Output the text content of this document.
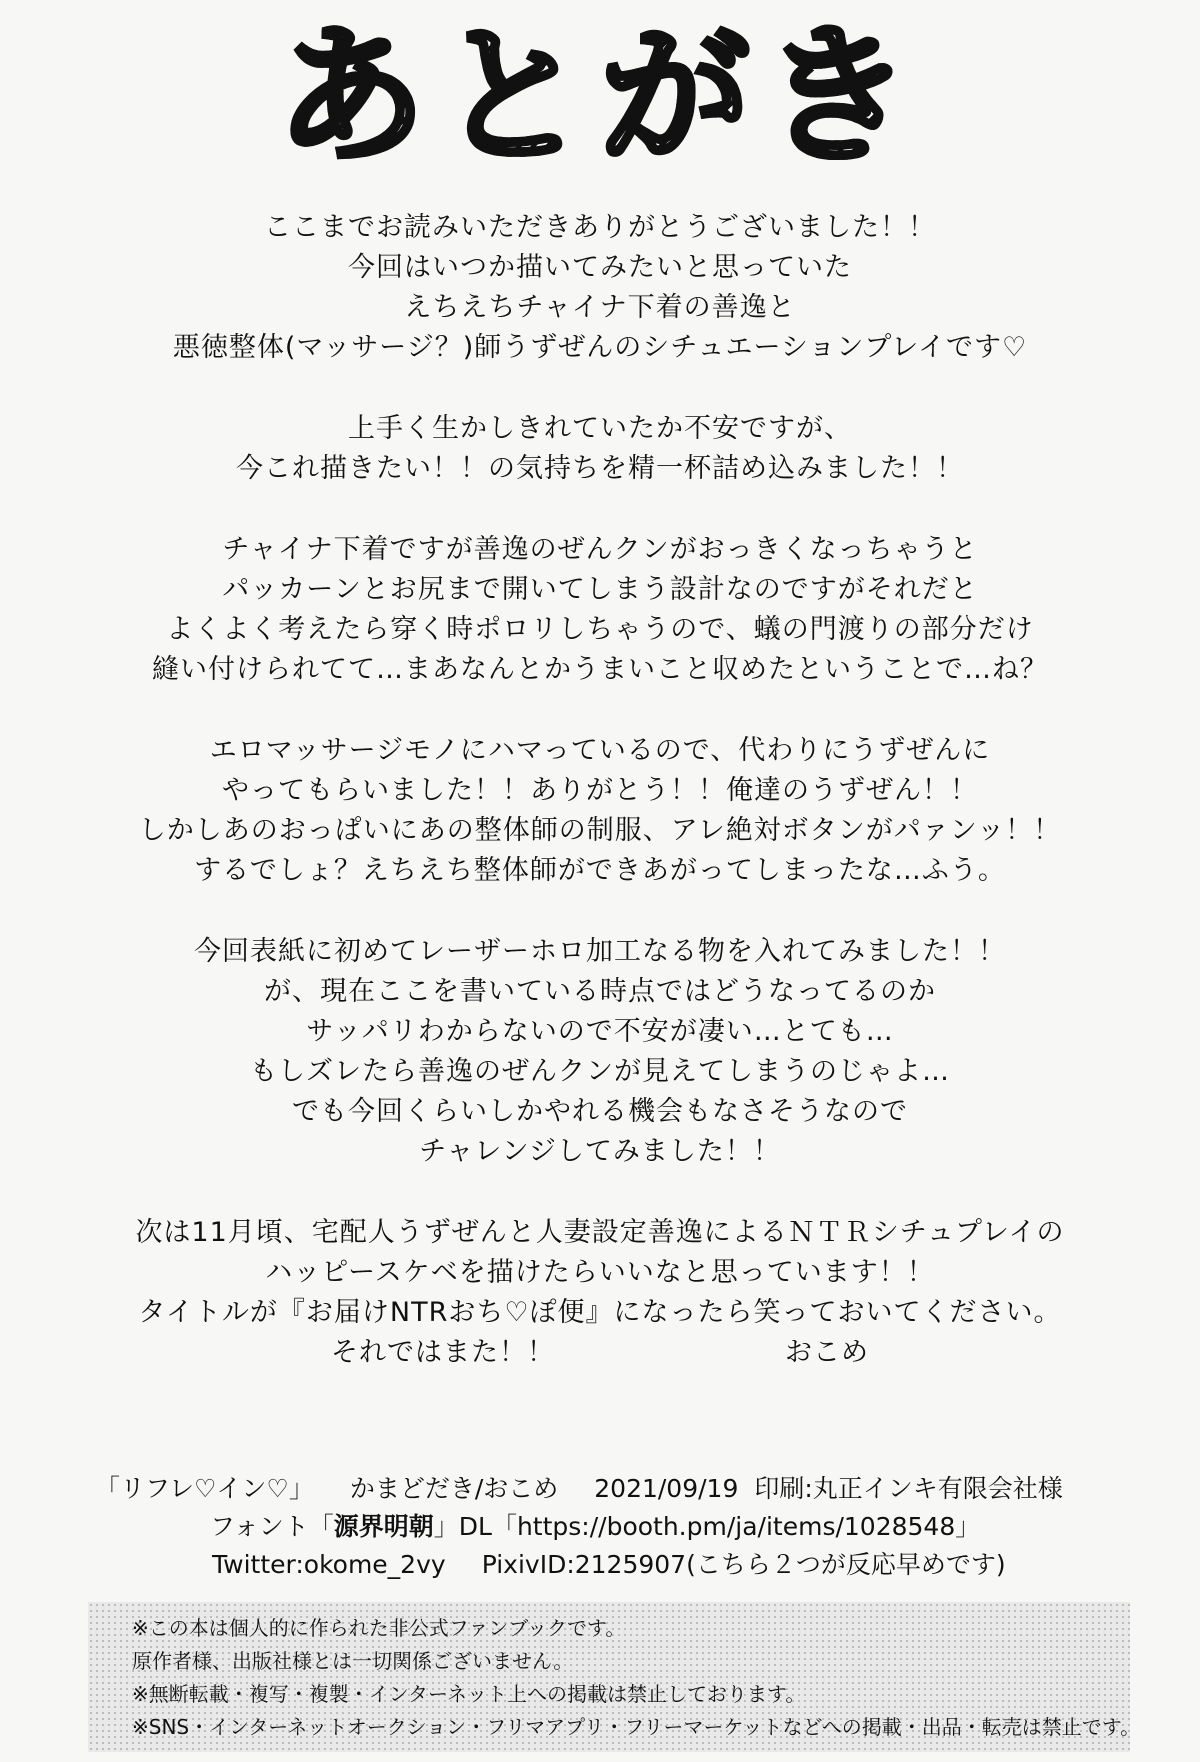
あとがき
ここまでお読みいただきありがとうございました！！
今回はいつか描いてみたいと思っていた
えちえちチャイナ下着の善逸と
悪徳整体(マッサージ？)師うずぜんのシチュエーションプレイです♡
上手く生かしきれていたか不安ですが、
今これ描きたい！！の気持ちを精一杯詰め込みました！！
チャイナ下着ですが善逸のぜんクンがおっきくなっちゃうと
パッカーンとお尻まで開いてしまう設計なのですがそれだと
よくよく考えたら穿く時ポロリしちゃうので、蟻の門渡りの部分だけ
縫い付けられてて…まあなんとかうまいこと収めたということで…ね？
エロマッサージモノにハマっているので、代わりにうずぜんに
やってもらいました！！ありがとう！！俺達のうずぜん！！
しかしあのおっぱいにあの整体師の制服、アレ絶対ボタンがパァンッ！！
するでしょ？えちえち整体師ができあがってしまったな…ふう。
今回表紙に初めてレーザーホロ加工なる物を入れてみました！！
が、現在ここを書いている時点ではどうなってるのか
サッパリわからないので不安が凄い…とても…
もしズレたら善逸のぜんクンが見えてしまうのじゃよ…
でも今回くらいしかやれる機会もなさそうなので
チャレンジしてみました！！
次は11月頃、宅配人うずぜんと人妻設定善逸によるＮＴＲシチュプレイの
ハッピースケベを描けたらいいなと思っています！！
タイトルが『お届けNTRおち♡ぽ便』になったら笑っておいてください。
それではまた！！	おこめ
「リフレ♡イン♡」 かまどだき/おこめ 2021/09/19 印刷:丸正インキ有限会社様
フォント「源界明朝」DL「https://booth.pm/ja/items/1028548」
Twitter:okome_2vy PixivID:2125907(こちら２つが反応早めです)
※この本は個人的に作られた非公式ファンブックです。
原作者様、出版社様とは一切関係ございません。
※無断転載・複写・複製・インターネット上への掲載は禁止しております。
※SNS・インターネットオークション・フリマアプリ・フリーマーケットなどへの掲載・出品・転売は禁止です。
